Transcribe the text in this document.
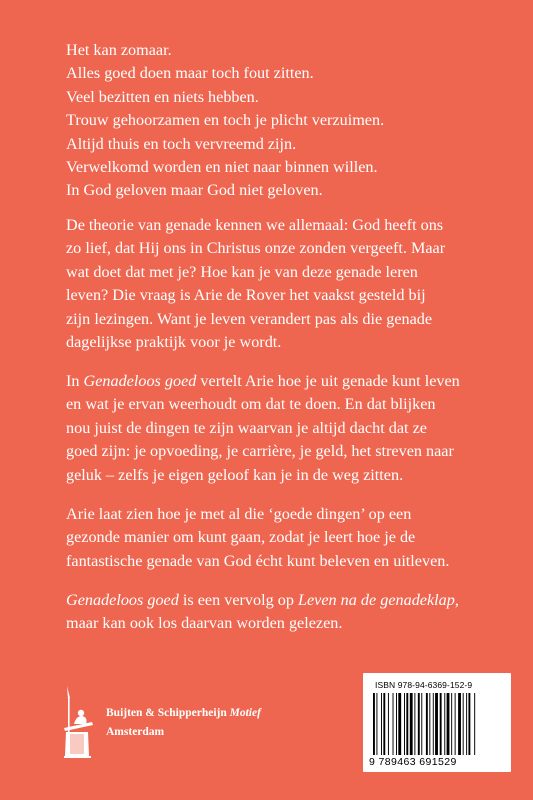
Het kan zomaar.

Alles goed doen maar toch fout zitten.

Veel bezitten en niets hebben.

Trouw gehoorzamen en toch je plicht verzuimen.

Altijd thuis en toch vervreemd zijn.

Verwelkomd worden en niet naar binnen willen.

In God geloven maar God niet geloven.

De theorie van genade kennen we allemaal: God heeft ons

zo lief, dat Hij ons in Christus onze zonden vergeeft. Maar

wat doet dat met je? Hoe kan je van deze genade leren

leven? Die vraag is Arie de Rover het vaakst gesteld bij

zijn lezingen. Want je leven verandert pas als die genade

dagelijkse praktijk voor je wordt.

In Genadeloos goed vertelt Arie hoe je uit genade kunt leven

en wat je ervan weerhoudt om dat te doen. En dat blijken

nou juist de dingen te zijn waarvan je altijd dacht dat ze

goed zijn: je opvoeding, je carrière, je geld, het streven naar

geluk – zelfs je eigen geloof kan je in de weg zitten.

Arie laat zien hoe je met al die ‘goede dingen’ op een

gezonde manier om kunt gaan, zodat je leert hoe je de

fantastische genade van God écht kunt beleven en uitleven.

Genadeloos goed is een vervolg op Leven na de genadeklap,

maar kan ook los daarvan worden gelezen.

Buijten & Schipperheijn Motief
Amsterdam
ISBN 978-94-6369-152-9
9 789463 691529
